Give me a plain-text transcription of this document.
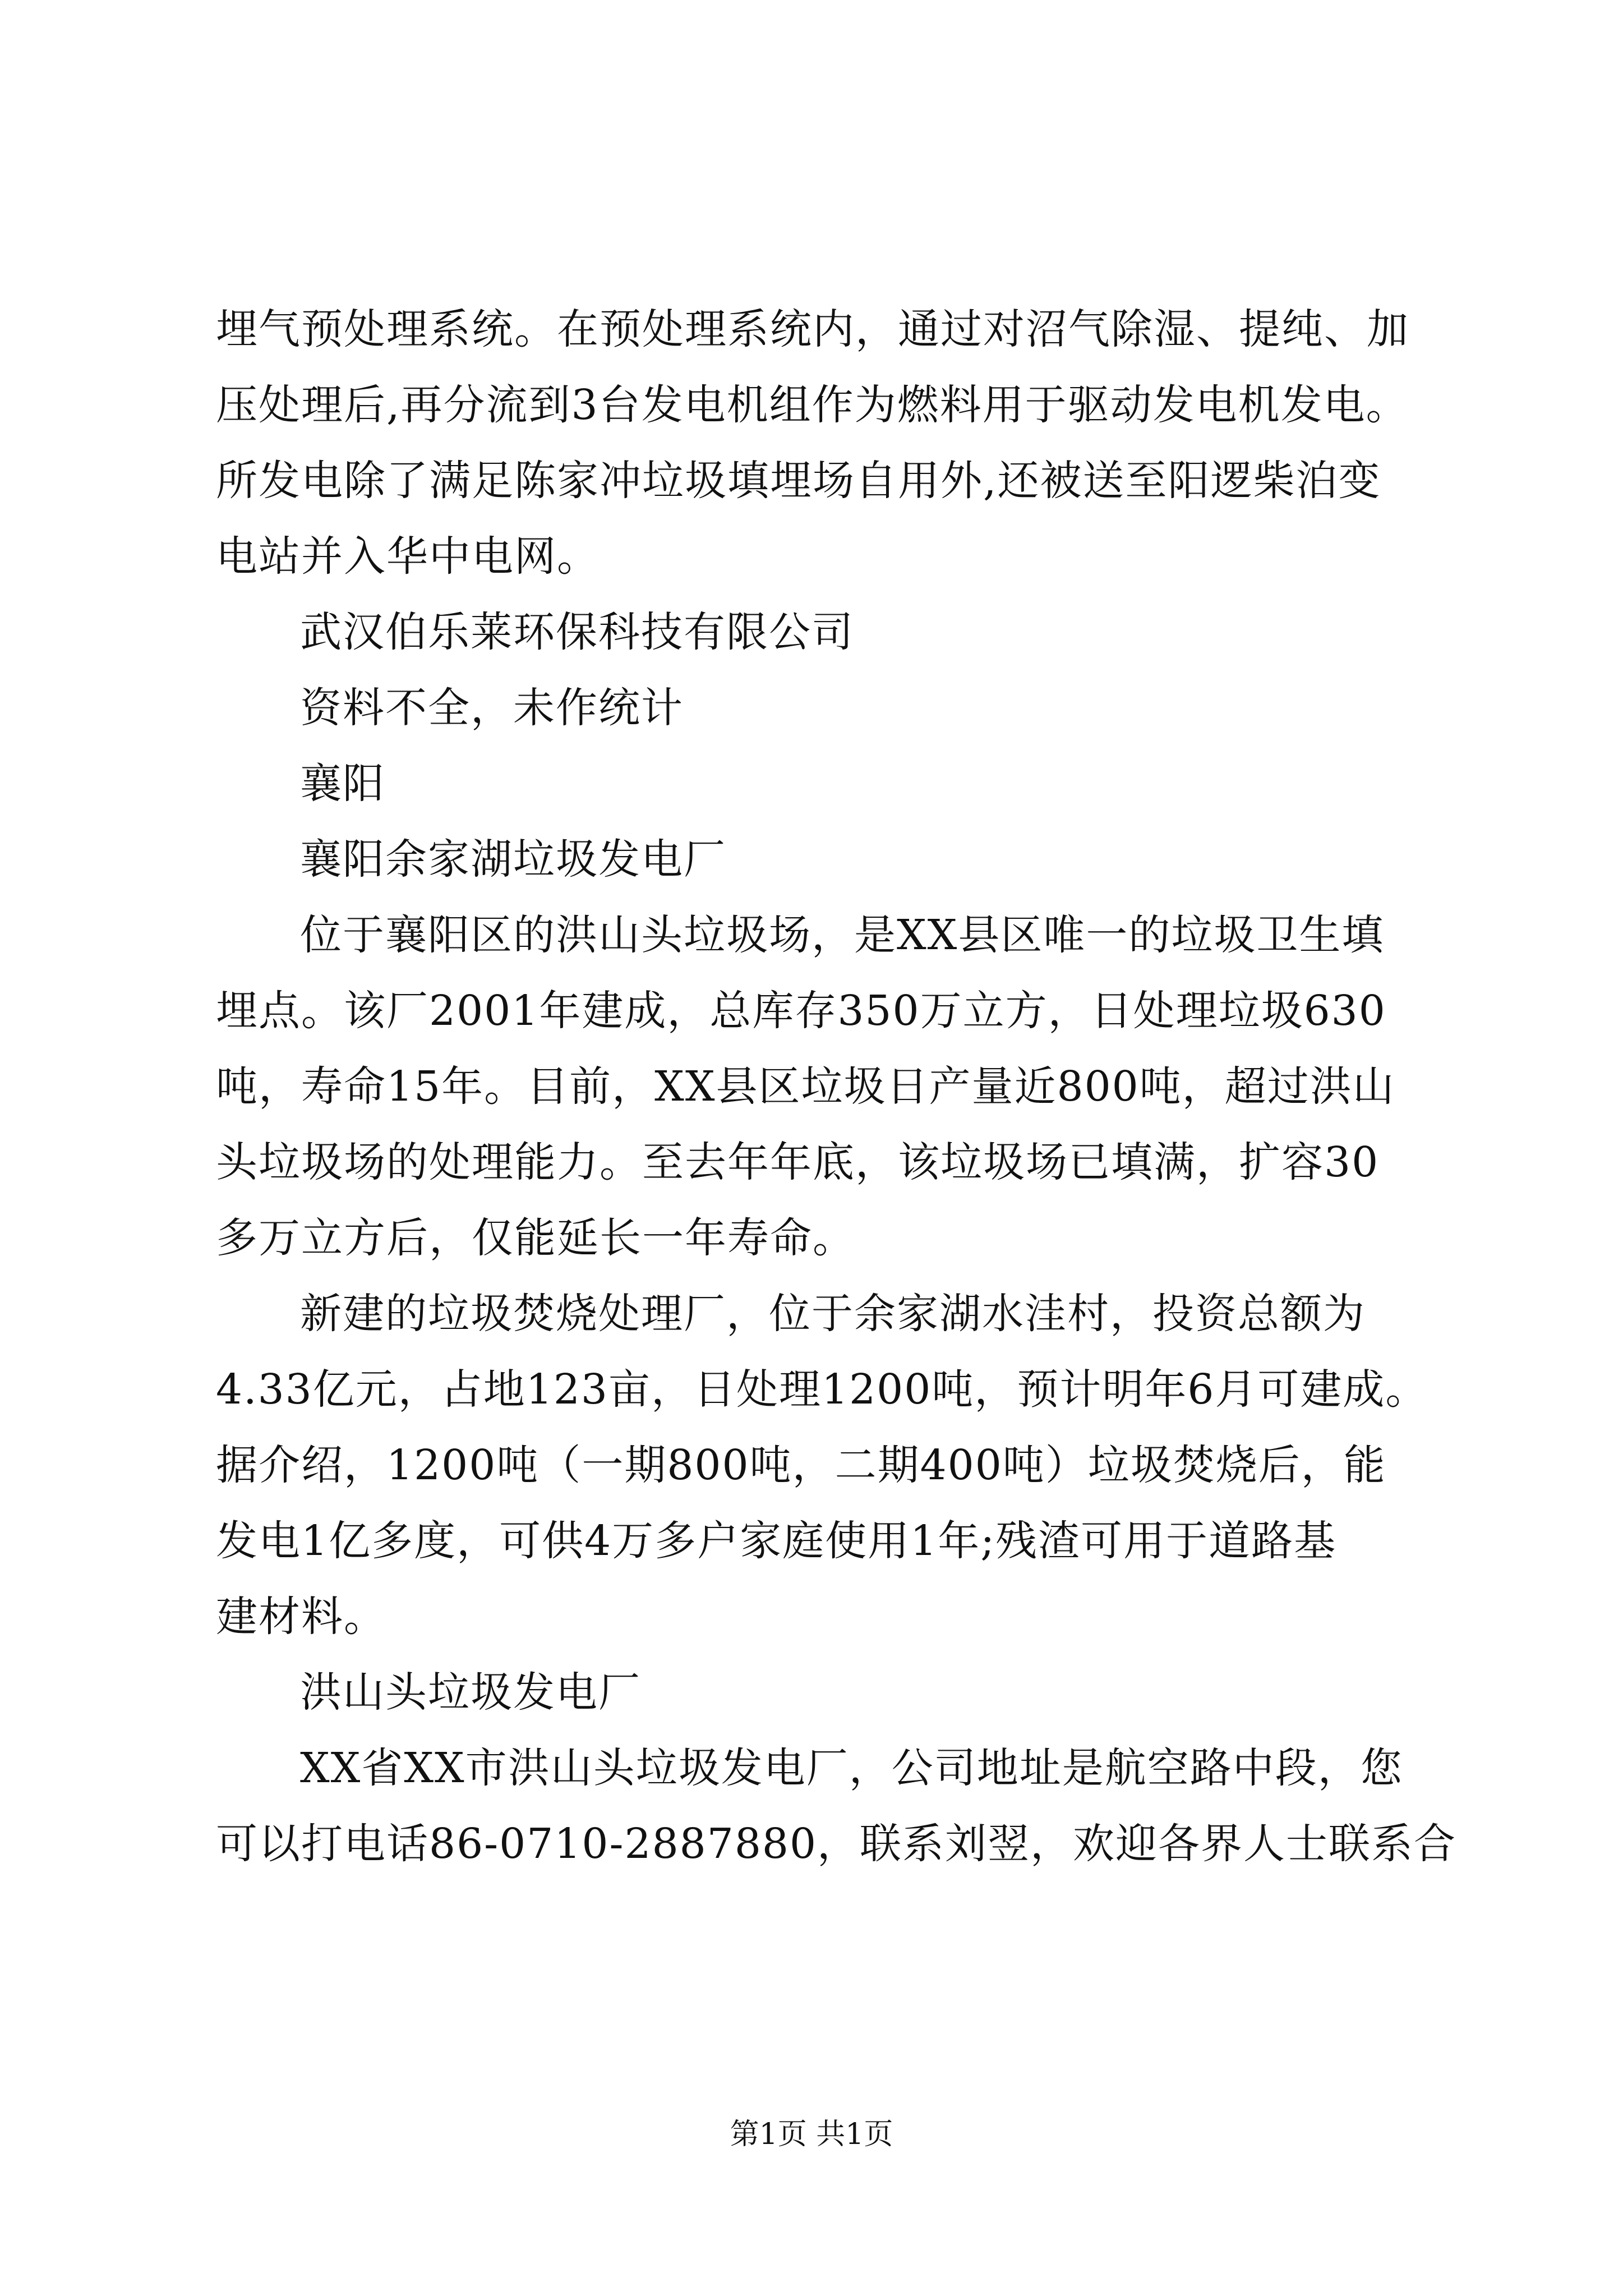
埋气预处理系统。在预处理系统内，通过对沼气除湿、提纯、加
压处理后,再分流到3台发电机组作为燃料用于驱动发电机发电。
所发电除了满足陈家冲垃圾填埋场自用外,还被送至阳逻柴泊变
电站并入华中电网。
武汉伯乐莱环保科技有限公司
资料不全，未作统计
襄阳
襄阳余家湖垃圾发电厂
位于襄阳区的洪山头垃圾场，是XX县区唯一的垃圾卫生填
埋点。该厂2001年建成，总库存350万立方，日处理垃圾630
吨，寿命15年。目前，XX县区垃圾日产量近800吨，超过洪山
头垃圾场的处理能力。至去年年底，该垃圾场已填满，扩容30
多万立方后，仅能延长一年寿命。
新建的垃圾焚烧处理厂，位于余家湖水洼村，投资总额为
4.33亿元，占地123亩，日处理1200吨，预计明年6月可建成。
据介绍，1200吨（一期800吨，二期400吨）垃圾焚烧后，能
发电1亿多度，可供4万多户家庭使用1年;残渣可用于道路基
建材料。
洪山头垃圾发电厂
XX省XX市洪山头垃圾发电厂，公司地址是航空路中段，您
可以打电话86-0710-2887880，联系刘翌，欢迎各界人士联系合
第1页 共1页
